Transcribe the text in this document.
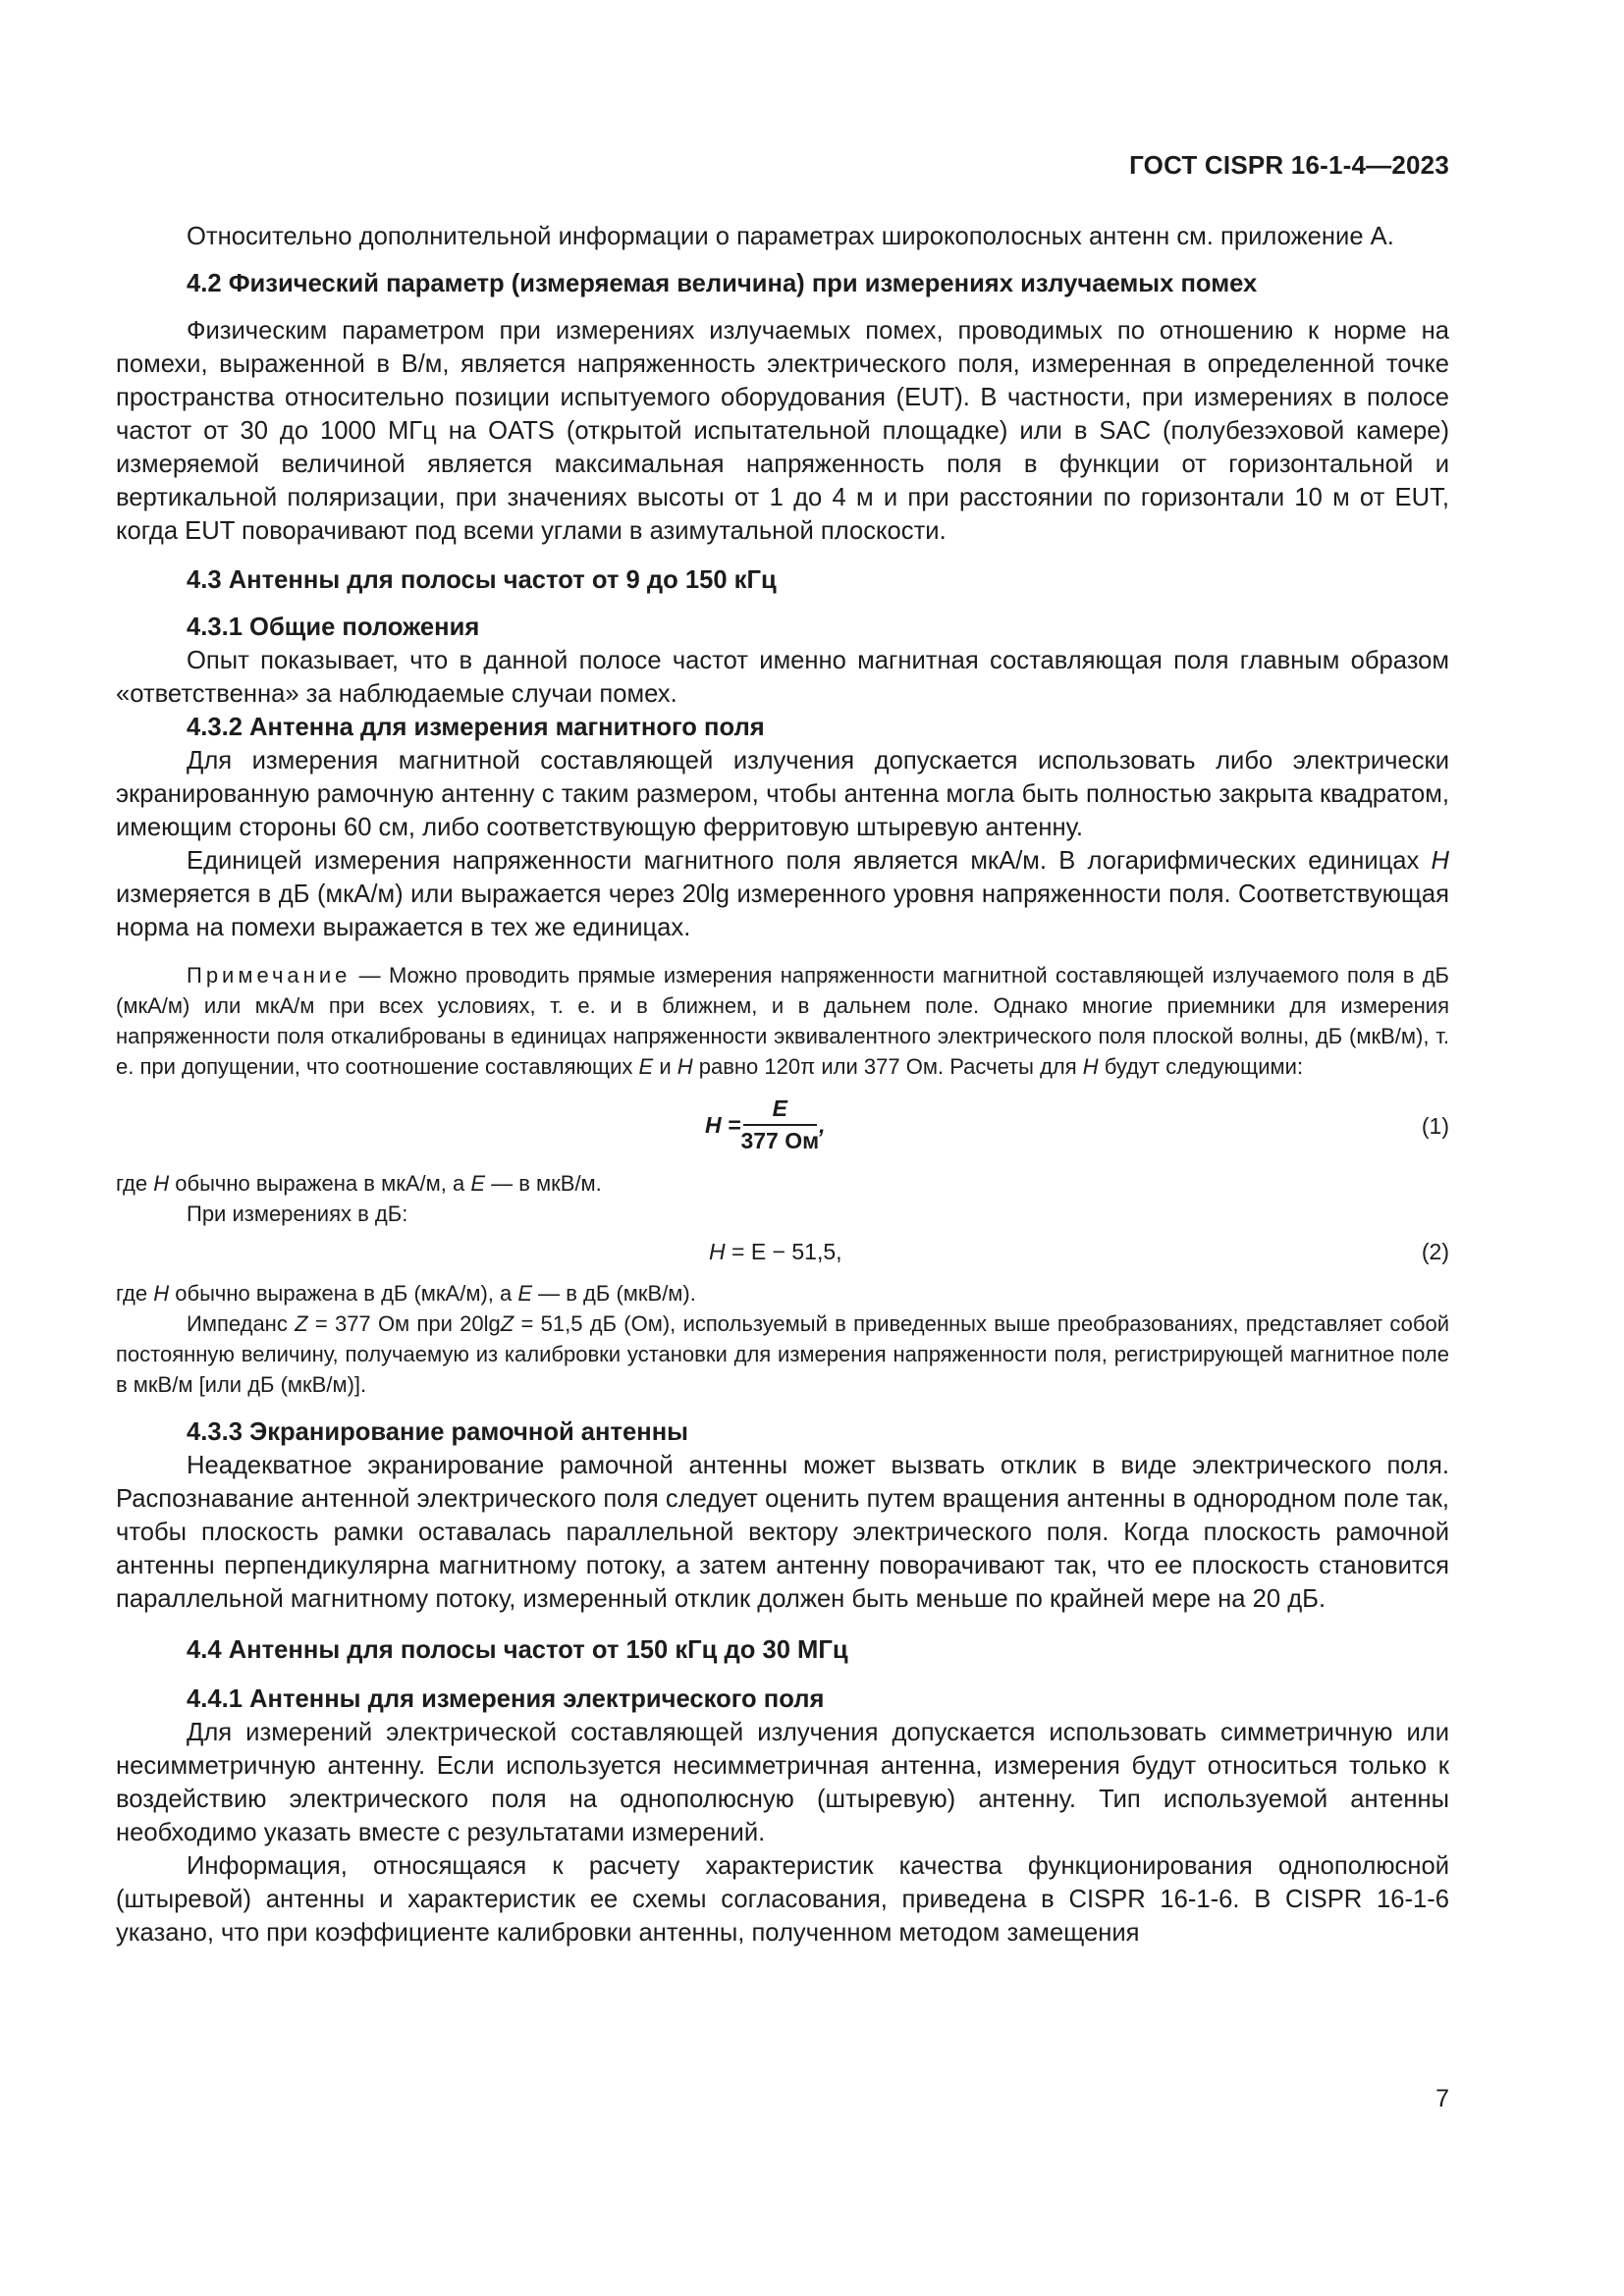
ГОСТ CISPR 16-1-4—2023

Относительно дополнительной информации о параметрах широкополосных антенн см. приложение А.

4.2 Физический параметр (измеряемая величина) при измерениях излучаемых помех

Физическим параметром при измерениях излучаемых помех, проводимых по отношению к норме на помехи, выраженной в В/м, является напряженность электрического поля, измеренная в определенной точке пространства относительно позиции испытуемого оборудования (EUT). В частности, при измерениях в полосе частот от 30 до 1000 МГц на OATS (открытой испытательной площадке) или в SAC (полубезэховой камере) измеряемой величиной является максимальная напряженность поля в функции от горизонтальной и вертикальной поляризации, при значениях высоты от 1 до 4 м и при расстоянии по горизонтали 10 м от EUT, когда EUT поворачивают под всеми углами в азимутальной плоскости.

4.3 Антенны для полосы частот от 9 до 150 кГц

4.3.1 Общие положения

Опыт показывает, что в данной полосе частот именно магнитная составляющая поля главным образом «ответственна» за наблюдаемые случаи помех.

4.3.2 Антенна для измерения магнитного поля

Для измерения магнитной составляющей излучения допускается использовать либо электрически экранированную рамочную антенну с таким размером, чтобы антенна могла быть полностью закрыта квадратом, имеющим стороны 60 см, либо соответствующую ферритовую штыревую антенну.

Единицей измерения напряженности магнитного поля является мкА/м. В логарифмических единицах H измеряется в дБ (мкА/м) или выражается через 20lg измеренного уровня напряженности поля. Соответствующая норма на помехи выражается в тех же единицах.

Примечание — Можно проводить прямые измерения напряженности магнитной составляющей излучаемого поля в дБ (мкА/м) или мкА/м при всех условиях, т. е. и в ближнем, и в дальнем поле. Однако многие приемники для измерения напряженности поля откалиброваны в единицах напряженности эквивалентного электрического поля плоской волны, дБ (мкВ/м), т. е. при допущении, что соотношение составляющих E и H равно 120π или 377 Ом. Расчеты для H будут следующими:

$H = \frac{E}{377 Ом}$ ,	(1)

где H обычно выражена в мкА/м, а E — в мкВ/м.

При измерениях в дБ:

H = E − 51,5,	(2)

где H обычно выражена в дБ (мкА/м), а E — в дБ (мкВ/м).

Импеданс Z = 377 Ом при 20lgZ = 51,5 дБ (Ом), используемый в приведенных выше преобразованиях, представляет собой постоянную величину, получаемую из калибровки установки для измерения напряженности поля, регистрирующей магнитное поле в мкВ/м [или дБ (мкВ/м)].

4.3.3 Экранирование рамочной антенны

Неадекватное экранирование рамочной антенны может вызвать отклик в виде электрического поля. Распознавание антенной электрического поля следует оценить путем вращения антенны в однородном поле так, чтобы плоскость рамки оставалась параллельной вектору электрического поля. Когда плоскость рамочной антенны перпендикулярна магнитному потоку, а затем антенну поворачивают так, что ее плоскость становится параллельной магнитному потоку, измеренный отклик должен быть меньше по крайней мере на 20 дБ.

4.4 Антенны для полосы частот от 150 кГц до 30 МГц

4.4.1 Антенны для измерения электрического поля

Для измерений электрической составляющей излучения допускается использовать симметричную или несимметричную антенну. Если используется несимметричная антенна, измерения будут относиться только к воздействию электрического поля на однополюсную (штыревую) антенну. Тип используемой антенны необходимо указать вместе с результатами измерений.

Информация, относящаяся к расчету характеристик качества функционирования однополюсной (штыревой) антенны и характеристик ее схемы согласования, приведена в CISPR 16-1-6. В CISPR 16-1-6 указано, что при коэффициенте калибровки антенны, полученном методом замещения

7
